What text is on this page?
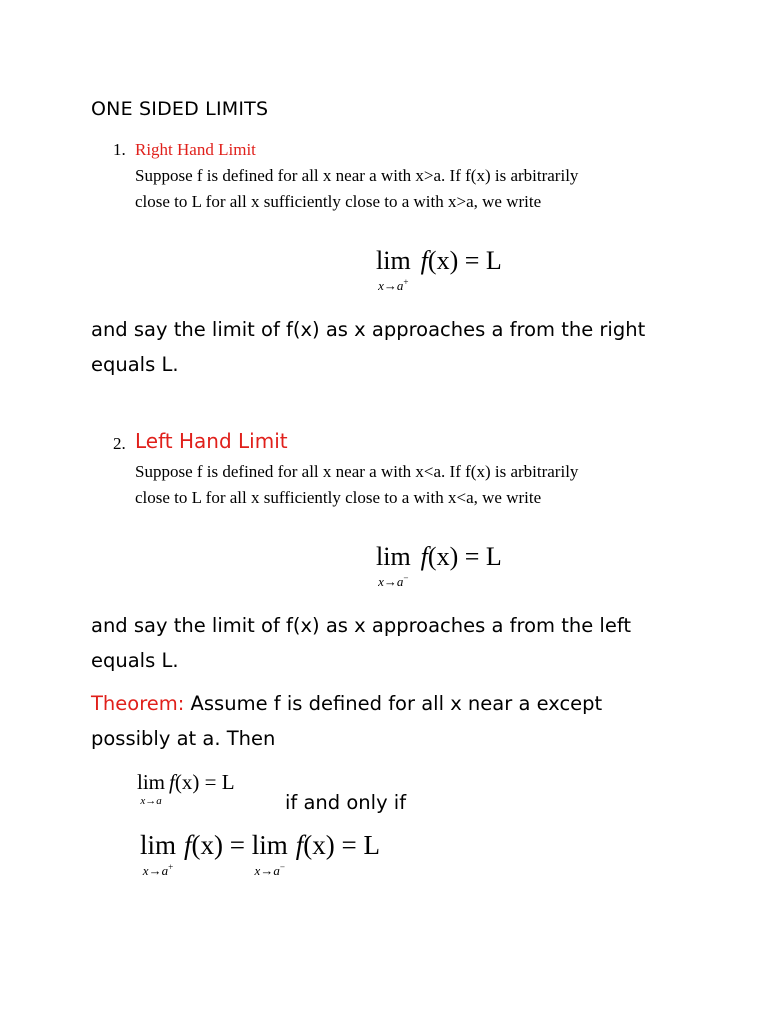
ONE SIDED LIMITS
1. Right Hand Limit
Suppose f is defined for all x near a with x>a. If f(x) is arbitrarily
close to L for all x sufficiently close to a with x>a, we write
lim
x→a+
f(x) = L
and say the limit of f(x) as x approaches a from the right
equals L.
2. Left Hand Limit
Suppose f is defined for all x near a with x<a. If f(x) is arbitrarily
close to L for all x sufficiently close to a with x<a, we write
lim
x→a−
f(x) = L
and say the limit of f(x) as x approaches a from the left
equals L.
Theorem: Assume f is defined for all x near a except
possibly at a. Then
lim
x→a
f(x) = L
if and only if
lim
x→a+
f(x) = lim
x→a−
f(x) = L
